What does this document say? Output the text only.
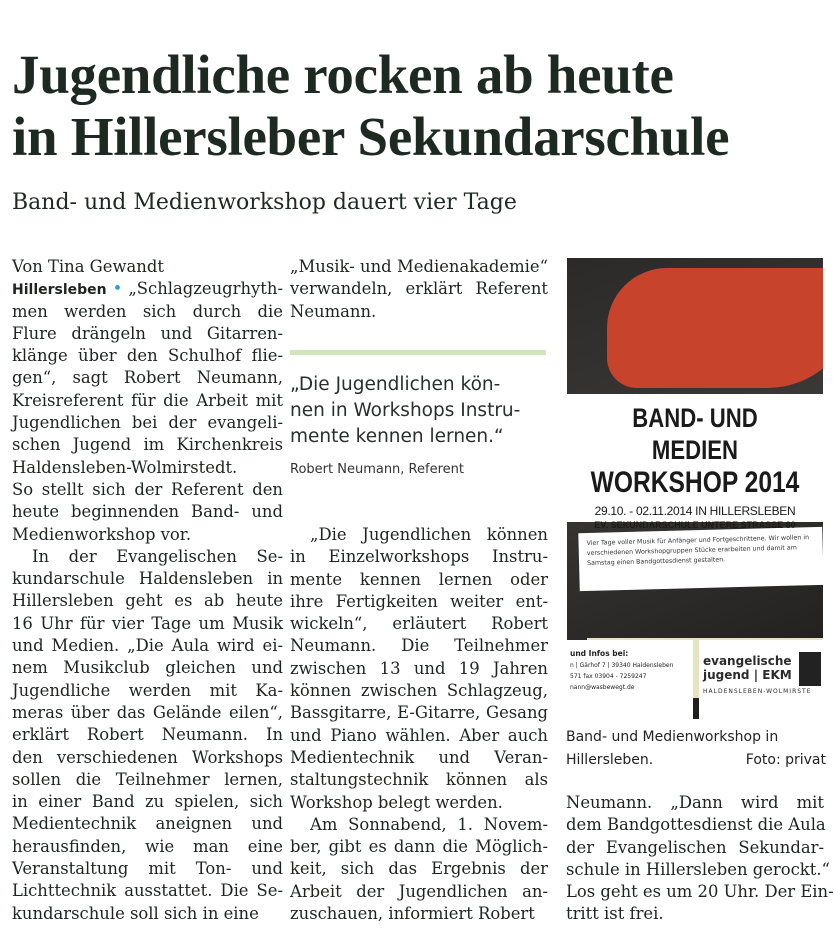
Jugendliche rocken ab heute
in Hillersleber Sekundarschule
Band- und Medienworkshop dauert vier Tage
Von Tina Gewandt
Hillersleben • „Schlagzeugrhyth-
men werden sich durch die
Flure drängeln und Gitarren-
klänge über den Schulhof flie-
gen“, sagt Robert Neumann,
Kreisreferent für die Arbeit mit
Jugendlichen bei der evangeli-
schen Jugend im Kirchenkreis
Haldensleben-Wolmirstedt.
So stellt sich der Referent den
heute beginnenden Band- und
Medienworkshop vor.
In der Evangelischen Se-
kundarschule Haldensleben in
Hillersleben geht es ab heute
16 Uhr für vier Tage um Musik
und Medien. „Die Aula wird ei-
nem Musikclub gleichen und
Jugendliche werden mit Ka-
meras über das Gelände eilen“,
erklärt Robert Neumann. In
den verschiedenen Workshops
sollen die Teilnehmer lernen,
in einer Band zu spielen, sich
Medientechnik aneignen und
herausfinden, wie man eine
Veranstaltung mit Ton- und
Lichttechnik ausstattet. Die Se-
kundarschule soll sich in eine
„Musik- und Medienakademie“
verwandeln, erklärt Referent
Neumann.
„Die Jugendlichen kön-
nen in Workshops Instru-
mente kennen lernen.“
Robert Neumann, Referent
„Die Jugendlichen können
in Einzelworkshops Instru-
mente kennen lernen oder
ihre Fertigkeiten weiter ent-
wickeln“, erläutert Robert
Neumann. Die Teilnehmer
zwischen 13 und 19 Jahren
können zwischen Schlagzeug,
Bassgitarre, E-Gitarre, Gesang
und Piano wählen. Aber auch
Medientechnik und Veran-
staltungstechnik können als
Workshop belegt werden.
Am Sonnabend, 1. Novem-
ber, gibt es dann die Möglich-
keit, sich das Ergebnis der
Arbeit der Jugendlichen an-
zuschauen, informiert Robert
BAND- UND MEDIEN
WORKSHOP 2014
29.10. - 02.11.2014 IN HILLERSLEBEN
EV. SEKUNDARSCHULE UNTERE STRASSE 80
Vier Tage voller Musik für Anfänger und Fortgeschrittene. Wir wollen in verschiedenen Workshopgruppen Stücke erarbeiten und damit am Samstag einen Bandgottesdienst gestalten.
und Infos bei:
n | Gärhof 7 | 39340 Haldensleben
571 fax 03904 - 7259247
nann@wasbewegt.de
evangelische
jugend | EKM
HALDENSLEBEN-WOLMIRSTE
Band- und Medienworkshop in
Hillersleben.	Foto: privat
Neumann. „Dann wird mit
dem Bandgottesdienst die Aula
der Evangelischen Sekundar-
schule in Hillersleben gerockt.“
Los geht es um 20 Uhr. Der Ein-
tritt ist frei.
